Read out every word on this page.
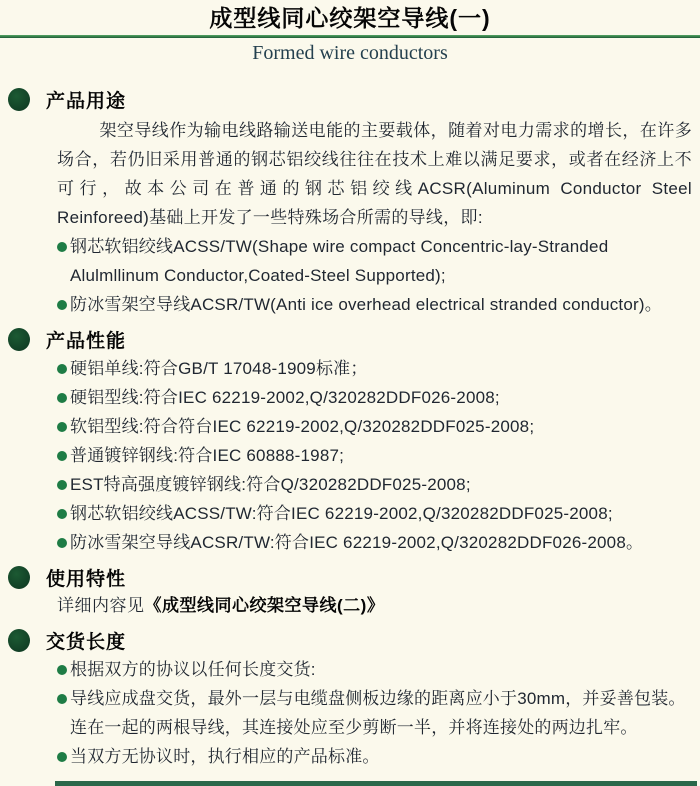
成型线同心绞架空导线(一)
Formed wire conductors
产品用途

架空导线作为输电线路输送电能的主要载体，随着对电力需求的增长，在许多场合，若仍旧采用普通的钢芯铝绞线往往在技术上难以满足要求，或者在经济上不可行，故本公司在普通的钢芯铝绞线ACSR(Aluminum Conductor Steel Reinforeed)基础上开发了一些特殊场合所需的导线，即:

钢芯软铝绞线ACSS/TW(Shape wire compact Concentric-lay-Stranded Alulmllinum Conductor,Coated-Steel Supported);
防冰雪架空导线ACSR/TW(Anti ice overhead electrical stranded conductor)。
产品性能
硬铝单线:符合GB/T 17048-1909标准；
硬铝型线:符合IEC 62219-2002,Q/320282DDF026-2008;
软铝型线:符合符台IEC 62219-2002,Q/320282DDF025-2008;
普通镀锌钢线:符合IEC 60888-1987;
EST特高强度镀锌钢线:符合Q/320282DDF025-2008;
钢芯软铝绞线ACSS/TW:符合IEC 62219-2002,Q/320282DDF025-2008;
防冰雪架空导线ACSR/TW:符合IEC 62219-2002,Q/320282DDF026-2008。
使用特性
详细内容见《成型线同心绞架空导线(二)》
交货长度
根据双方的协议以任何长度交货:
导线应成盘交货，最外一层与电缆盘侧板边缘的距离应小于30mm，并妥善包装。连在一起的两根导线，其连接处应至少剪断一半，并将连接处的两边扎牢。
当双方无协议时，执行相应的产品标准。
